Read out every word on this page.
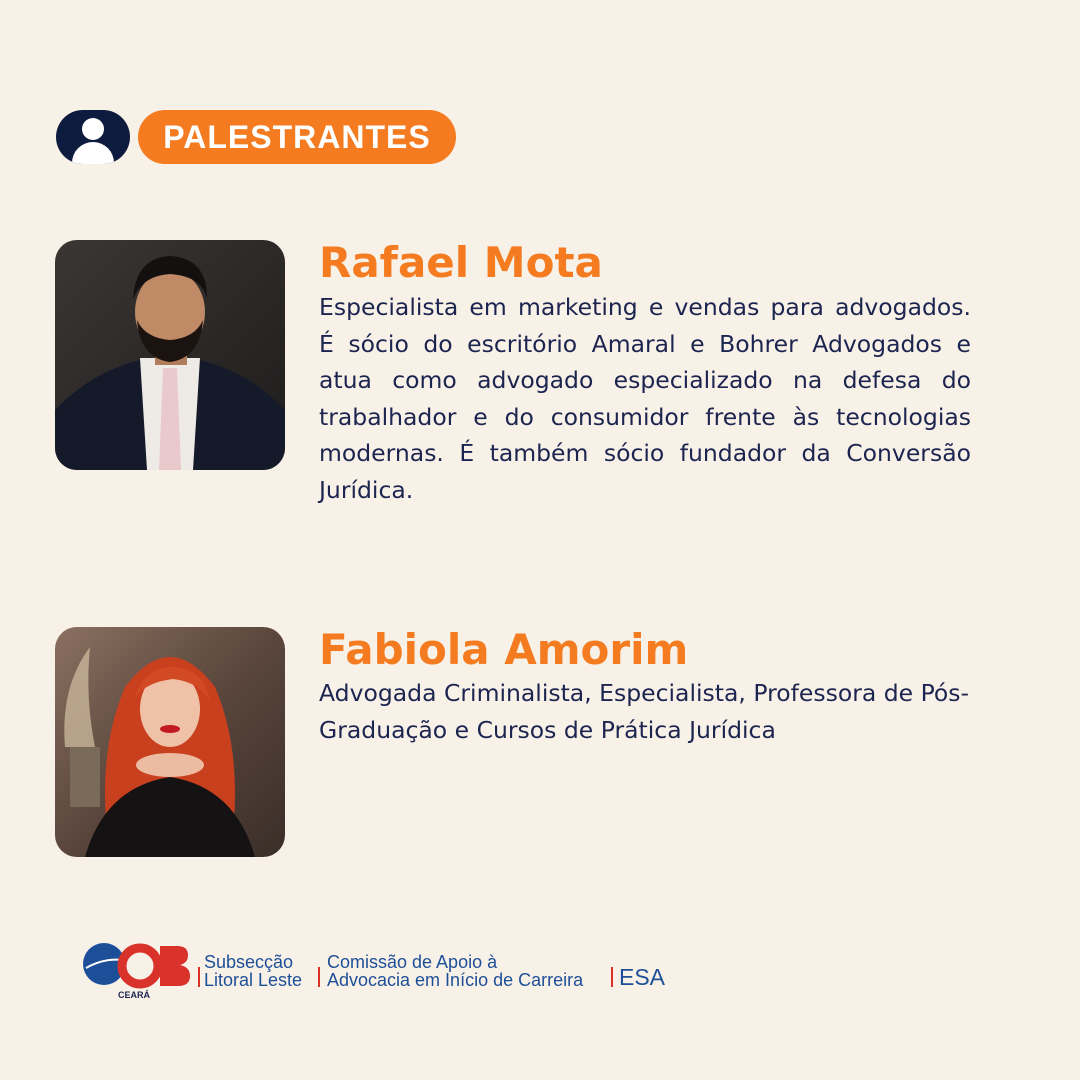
PALESTRANTES
Rafael Mota

Especialista em marketing e vendas para advogados. É sócio do escritório Amaral e Bohrer Advogados e atua como advogado especializado na defesa do trabalhador e do consumidor frente às tecnologias modernas. É também sócio fundador da Conversão Jurídica.

Fabiola Amorim

Advogada Criminalista, Especialista, Professora de Pós-Graduação e Cursos de Prática Jurídica

CEARÁ
Subsecção
Litoral Leste
Comissão de Apoio à
Advocacia em Início de Carreira ESA
